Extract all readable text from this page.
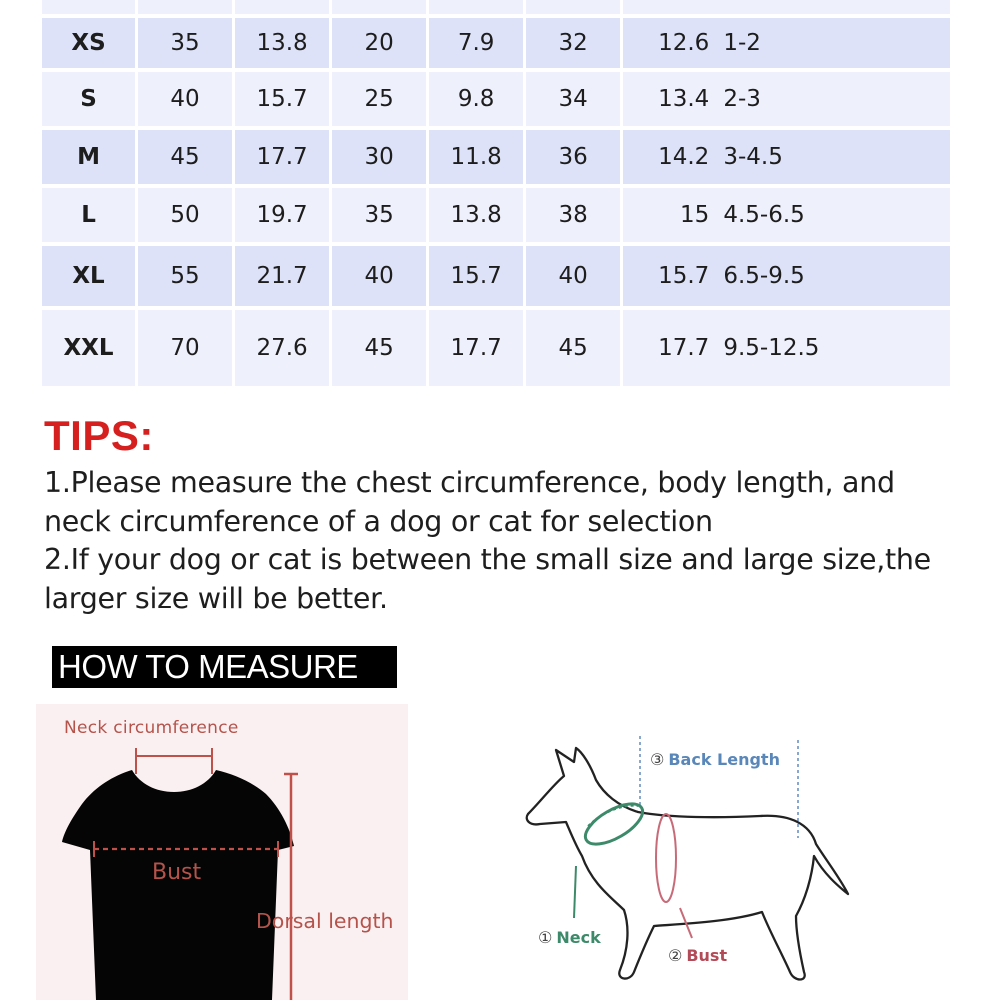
XS	35	13.8	20	7.9	32	12.6 1-2
S	40	15.7	25	9.8	34	13.4 2-3
M	45	17.7	30	11.8	36	14.2 3-4.5
L	50	19.7	35	13.8	38	15 4.5-6.5
XL	55	21.7	40	15.7	40	15.7 6.5-9.5
XXL	70	27.6	45	17.7	45	17.7 9.5-12.5
TIPS:

1.Please measure the chest circumference, body length, and neck circumference of a dog or cat for selection

2.If your dog or cat is between the small size and large size,the larger size will be better.

HOW TO MEASURE
Neck circumference
Bust
Dorsal length
③ Back Length
① Neck
② Bust
